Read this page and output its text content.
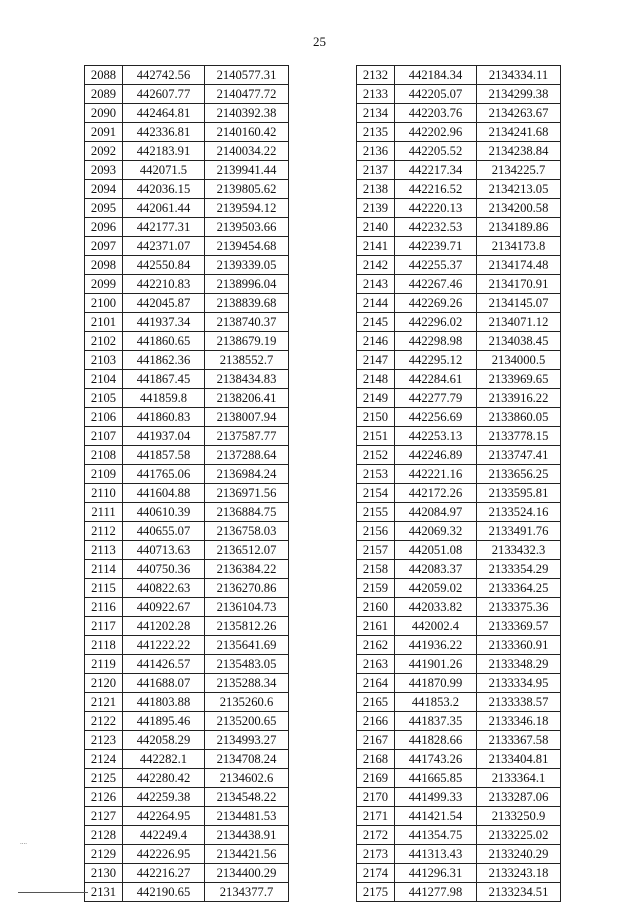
25
2088	442742.56	2140577.31
2089	442607.77	2140477.72
2090	442464.81	2140392.38
2091	442336.81	2140160.42
2092	442183.91	2140034.22
2093	442071.5	2139941.44
2094	442036.15	2139805.62
2095	442061.44	2139594.12
2096	442177.31	2139503.66
2097	442371.07	2139454.68
2098	442550.84	2139339.05
2099	442210.83	2138996.04
2100	442045.87	2138839.68
2101	441937.34	2138740.37
2102	441860.65	2138679.19
2103	441862.36	2138552.7
2104	441867.45	2138434.83
2105	441859.8	2138206.41
2106	441860.83	2138007.94
2107	441937.04	2137587.77
2108	441857.58	2137288.64
2109	441765.06	2136984.24
2110	441604.88	2136971.56
2111	440610.39	2136884.75
2112	440655.07	2136758.03
2113	440713.63	2136512.07
2114	440750.36	2136384.22
2115	440822.63	2136270.86
2116	440922.67	2136104.73
2117	441202.28	2135812.26
2118	441222.22	2135641.69
2119	441426.57	2135483.05
2120	441688.07	2135288.34
2121	441803.88	2135260.6
2122	441895.46	2135200.65
2123	442058.29	2134993.27
2124	442282.1	2134708.24
2125	442280.42	2134602.6
2126	442259.38	2134548.22
2127	442264.95	2134481.53
2128	442249.4	2134438.91
2129	442226.95	2134421.56
2130	442216.27	2134400.29
2131	442190.65	2134377.7
2132	442184.34	2134334.11
2133	442205.07	2134299.38
2134	442203.76	2134263.67
2135	442202.96	2134241.68
2136	442205.52	2134238.84
2137	442217.34	2134225.7
2138	442216.52	2134213.05
2139	442220.13	2134200.58
2140	442232.53	2134189.86
2141	442239.71	2134173.8
2142	442255.37	2134174.48
2143	442267.46	2134170.91
2144	442269.26	2134145.07
2145	442296.02	2134071.12
2146	442298.98	2134038.45
2147	442295.12	2134000.5
2148	442284.61	2133969.65
2149	442277.79	2133916.22
2150	442256.69	2133860.05
2151	442253.13	2133778.15
2152	442246.89	2133747.41
2153	442221.16	2133656.25
2154	442172.26	2133595.81
2155	442084.97	2133524.16
2156	442069.32	2133491.76
2157	442051.08	2133432.3
2158	442083.37	2133354.29
2159	442059.02	2133364.25
2160	442033.82	2133375.36
2161	442002.4	2133369.57
2162	441936.22	2133360.91
2163	441901.26	2133348.29
2164	441870.99	2133334.95
2165	441853.2	2133338.57
2166	441837.35	2133346.18
2167	441828.66	2133367.58
2168	441743.26	2133404.81
2169	441665.85	2133364.1
2170	441499.33	2133287.06
2171	441421.54	2133250.9
2172	441354.75	2133225.02
2173	441313.43	2133240.29
2174	441296.31	2133243.18
2175	441277.98	2133234.51
....
